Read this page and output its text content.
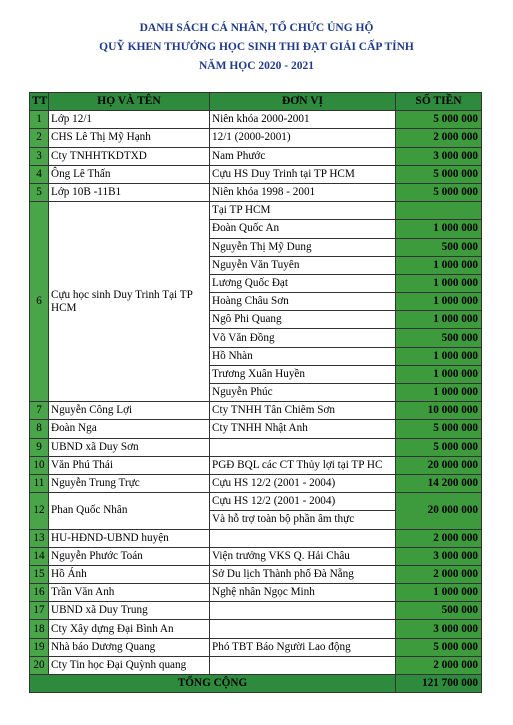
DANH SÁCH CÁ NHÂN, TỔ CHỨC ỦNG HỘ
QUỸ KHEN THƯỞNG HỌC SINH THI ĐẠT GIẢI CẤP TỈNH
NĂM HỌC 2020 - 2021
TT	HỌ VÀ TÊN	ĐƠN VỊ	SỐ TIỀN
1	Lớp 12/1	Niên khóa 2000-2001	5 000 000
2	CHS Lê Thị Mỹ Hạnh	12/1 (2000-2001)	2 000 000
3	Cty TNHHTKDTXD	Nam Phước	3 000 000
4	Ông Lê Thấn	Cựu HS Duy Trinh tại TP HCM	5 000 000
5	Lớp 10B -11B1	Niên khóa 1998 - 2001	5 000 000
6	Cựu học sinh Duy Trinh Tại TP HCM	Tại TP HCM	
		Đoàn Quốc An	1 000 000
		Nguyễn Thị Mỹ Dung	500 000
		Nguyễn Văn Tuyên	1 000 000
		Lương Quốc Đạt	1 000 000
		Hoàng Châu Sơn	1 000 000
		Ngô Phi Quang	1 000 000
		Võ Văn Đồng	500 000
		Hồ Nhàn	1 000 000
		Trương Xuân Huyền	1 000 000
		Nguyễn Phúc	1 000 000
7	Nguyễn Công Lợi	Cty TNHH Tân Chiêm Sơn	10 000 000
8	Đoàn Nga	Cty TNHH Nhật Anh	5 000 000
9	UBND xã Duy Sơn		5 000 000
10	Văn Phú Thái	PGĐ BQL các CT Thủy lợi tại TP HC	20 000 000
11	Nguyễn Trung Trực	Cựu HS 12/2 (2001 - 2004)	14 200 000
12	Phan Quốc Nhân	Cựu HS 12/2 (2001 - 2004)	20 000 000
		Và hỗ trợ toàn bộ phần âm thực	
13	HU-HĐND-UBND huyện		2 000 000
14	Nguyễn Phước Toán	Viện trưởng VKS Q. Hải Châu	3 000 000
15	Hồ Ánh	Sở Du lịch Thành phố Đà Nẵng	2 000 000
16	Trần Văn Anh	Nghệ nhân Ngọc Minh	1 000 000
17	UBND xã Duy Trung		500 000
18	Cty Xây dựng Đại Bình An		3 000 000
19	Nhà báo Dương Quang	Phó TBT Báo Người Lao động	5 000 000
20	Cty Tin học Đại Quỳnh quang		2 000 000
TỔNG CỘNG			121 700 000
